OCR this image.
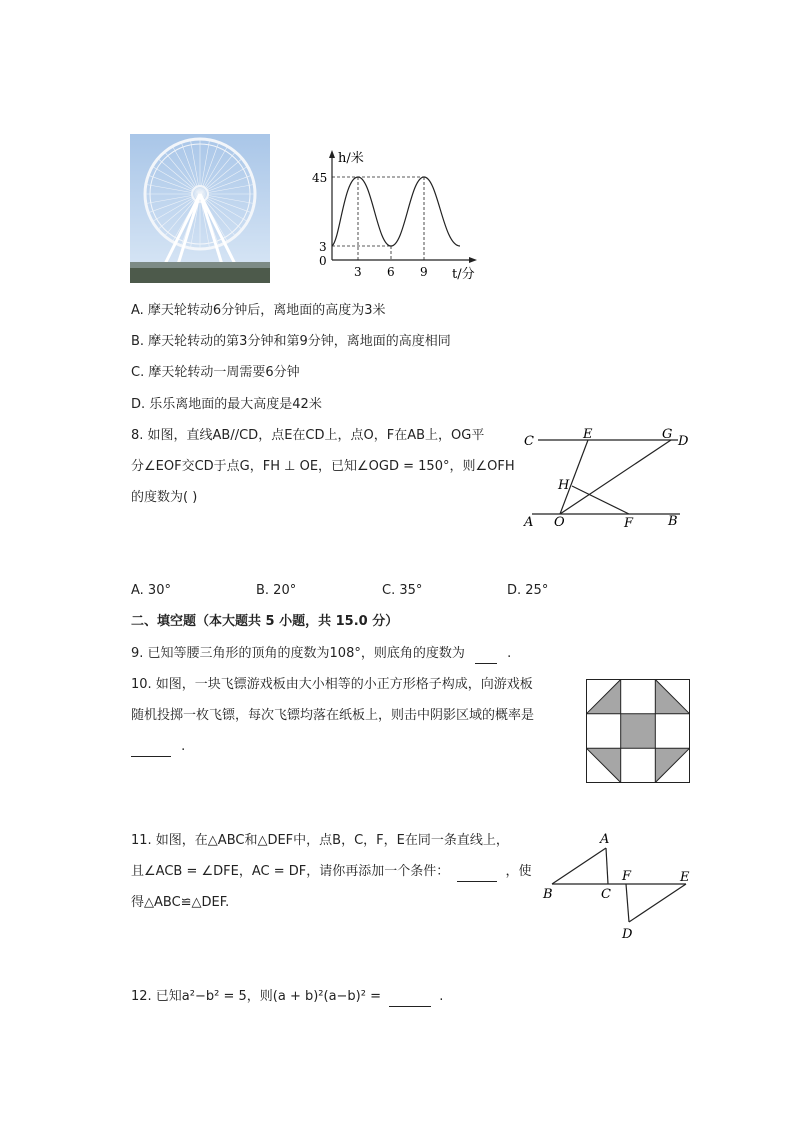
h/米
45
3
0
3 6 9 t/分
A. 摩天轮转动6分钟后，离地面的高度为3米
B. 摩天轮转动的第3分钟和第9分钟，离地面的高度相同
C. 摩天轮转动一周需要6分钟
D. 乐乐离地面的最大高度是42米
8. 如图，直线AB//CD，点E在CD上，点O，F在AB上，OG平
分∠EOF交CD于点G，FH ⊥ OE，已知∠OGD = 150°，则∠OFH
的度数为( )
C	E	G D
H
A O	F	B
A. 30°	B. 20°	C. 35°	D. 25°
二、填空题（本大题共 5 小题，共 15.0 分）
9. 已知等腰三角形的顶角的度数为108°，则底角的度数为	.
10. 如图，一块飞镖游戏板由大小相等的小正方形格子构成，向游戏板
随机投掷一枚飞镖，每次飞镖均落在纸板上，则击中阴影区域的概率是
.
11. 如图，在△ABC和△DEF中，点B，C，F，E在同一条直线上，
且∠ACB = ∠DFE，AC = DF，请你再添加一个条件：	，使
得△ABC≌△DEF.
A
B	C
F	E
D
12. 已知a²−b² = 5，则(a + b)²(a−b)² =	.
